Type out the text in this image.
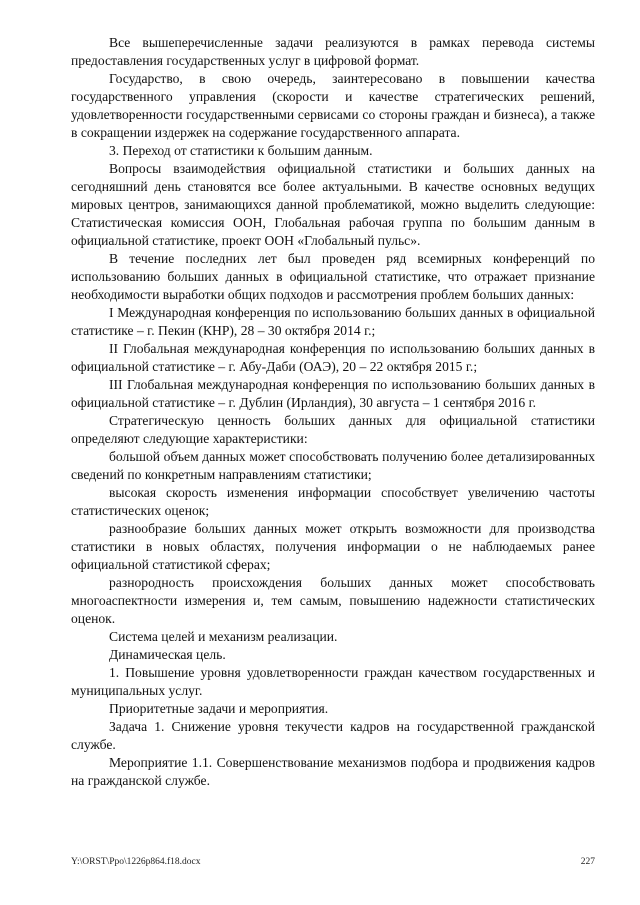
Все вышеперечисленные задачи реализуются в рамках перевода системы предоставления государственных услуг в цифровой формат.

Государство, в свою очередь, заинтересовано в повышении качества государственного управления (скорости и качестве стратегических решений, удовлетворенности государственными сервисами со стороны граждан и бизнеса), а также в сокращении издержек на содержание государственного аппарата.

3. Переход от статистики к большим данным.

Вопросы взаимодействия официальной статистики и больших данных на сегодняшний день становятся все более актуальными. В качестве основных ведущих мировых центров, занимающихся данной проблематикой, можно выделить следующие: Статистическая комиссия ООН, Глобальная рабочая группа по большим данным в официальной статистике, проект ООН «Глобальный пульс».

В течение последних лет был проведен ряд всемирных конференций по использованию больших данных в официальной статистике, что отражает признание необходимости выработки общих подходов и рассмотрения проблем больших данных:

I Международная конференция по использованию больших данных в официальной статистике – г. Пекин (КНР), 28 – 30 октября 2014 г.;

II Глобальная международная конференция по использованию больших данных в официальной статистике – г. Абу-Даби (ОАЭ), 20 – 22 октября 2015 г.;

III Глобальная международная конференция по использованию больших данных в официальной статистике – г. Дублин (Ирландия), 30 августа – 1 сентября 2016 г.

Стратегическую ценность больших данных для официальной статистики определяют следующие характеристики:

большой объем данных может способствовать получению более детализированных сведений по конкретным направлениям статистики;

высокая скорость изменения информации способствует увеличению частоты статистических оценок;

разнообразие больших данных может открыть возможности для производства статистики в новых областях, получения информации о не наблюдаемых ранее официальной статистикой сферах;

разнородность происхождения больших данных может способствовать многоаспектности измерения и, тем самым, повышению надежности статистических оценок.

Система целей и механизм реализации.

Динамическая цель.

1. Повышение уровня удовлетворенности граждан качеством государственных и муниципальных услуг.

Приоритетные задачи и мероприятия.

Задача 1. Снижение уровня текучести кадров на государственной гражданской службе.

Мероприятие 1.1. Совершенствование механизмов подбора и продвижения кадров на гражданской службе.

Y:\ORST\Ppo\1226p864.f18.docx	227
